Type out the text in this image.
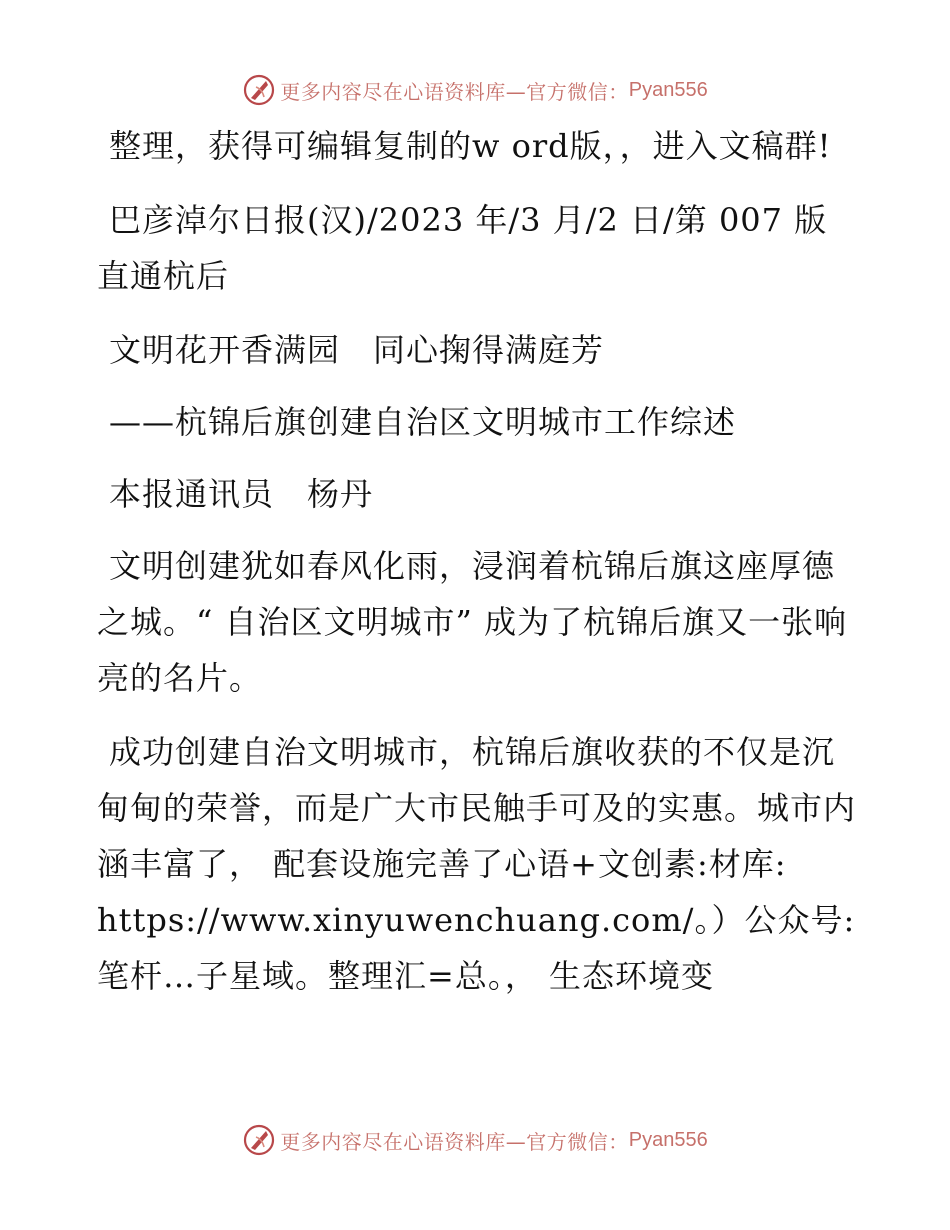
更多内容尽在心语资料库—官方微信： Pyan556

整理，获得可编辑复制的w ord版，，进入文稿群!

巴彦淖尔日报(汉)/2023 年/3 月/2 日/第 007 版直通杭后

文明花开香满园　同心掬得满庭芳

——杭锦后旗创建自治区文明城市工作综述

本报通讯员　杨丹

文明创建犹如春风化雨，浸润着杭锦后旗这座厚德之城。“ 自治区文明城市” 成为了杭锦后旗又一张响亮的名片。

成功创建自治文明城市，杭锦后旗收获的不仅是沉甸甸的荣誉，而是广大市民触手可及的实惠。城市内涵丰富了， 配套设施完善了心语+文创素:材库: https://www.xinyuwenchuang.com/。）公众号: 笔杆…子星域。整理汇=总。， 生态环境变

更多内容尽在心语资料库—官方微信： Pyan556
